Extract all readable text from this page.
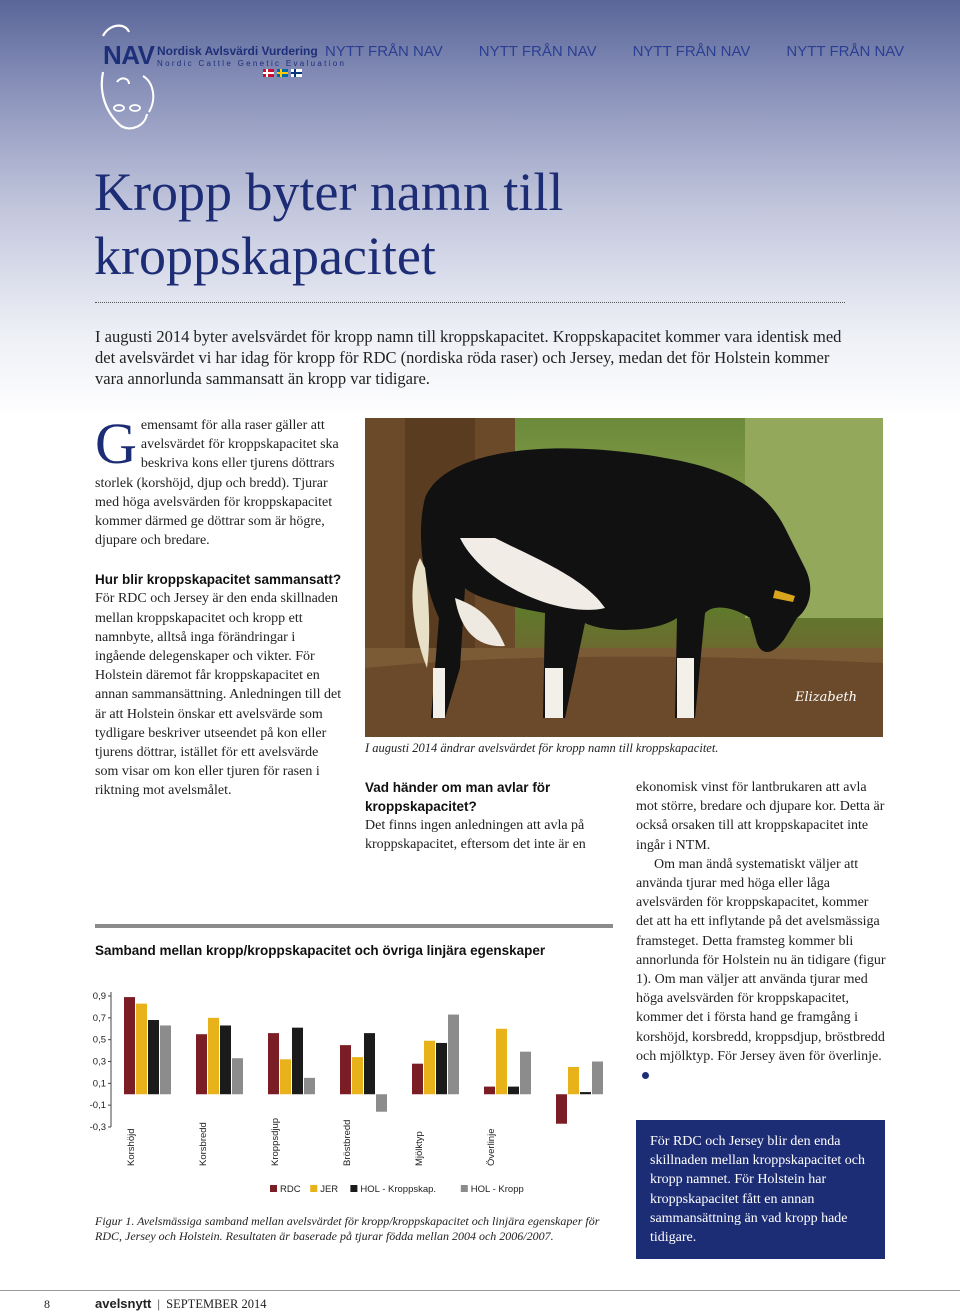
NAV Nordisk Avlsvärdi Vurdering
Nordic Cattle Genetic Evaluation
NYTT FRÅN NAV NYTT FRÅN NAV NYTT FRÅN NAV NYTT FRÅN NAV
Kropp byter namn till
kroppskapacitet

I augusti 2014 byter avelsvärdet för kropp namn till kroppskapacitet. Kroppskapacitet kommer vara identisk med det avelsvärdet vi har idag för kropp för RDC (nordiska röda raser) och Jersey, medan det för Holstein kommer vara annorlunda sammansatt än kropp var tidigare.

Gemensamt för alla raser gäller att avelsvärdet för kroppskapacitet ska beskriva kons eller tjurens döttrars storlek (korshöjd, djup och bredd). Tjurar med höga avelsvärden för kroppskapacitet kommer därmed ge döttrar som är högre, djupare och bredare.

Hur blir kroppskapacitet sammansatt?

För RDC och Jersey är den enda skillnaden mellan kroppskapacitet och kropp ett namnbyte, alltså inga förändringar i ingående delegenskaper och vikter. För Holstein däremot får kroppskapacitet en annan sammansättning. Anledningen till det är att Holstein önskar ett avelsvärde som tydligare beskriver utseendet på kon eller tjurens döttrar, istället för ett avelsvärde som visar om kon eller tjuren för rasen i riktning mot avelsmålet.

Elizabeth

I augusti 2014 ändrar avelsvärdet för kropp namn till kroppskapacitet.

Vad händer om man avlar för kroppskapacitet?

Det finns ingen anledningen att avla på kroppskapacitet, eftersom det inte är en

ekonomisk vinst för lantbrukaren att avla mot större, bredare och djupare kor. Detta är också orsaken till att kroppskapacitet inte ingår i NTM.

Om man ändå systematiskt väljer att använda tjurar med höga eller låga avelsvärden för kroppskapacitet, kommer det att ha ett inflytande på det avelsmässiga framsteget. Detta framsteg kommer bli annorlunda för Holstein nu än tidigare (figur 1). Om man väljer att använda tjurar med höga avelsvärden för kroppskapacitet, kommer det i första hand ge framgång i korshöjd, korsbredd, kroppsdjup, bröstbredd och mjölktyp. För Jersey även för överlinje.

Samband mellan kropp/kroppskapacitet och övriga linjära egenskaper
0,9
0,7
0,5
0,3
0,1
-0,1
-0,3
Korshöjd	Korsbredd	Kroppsdjup	Bröstbredd	Mjölktyp	Överlinje
RDC JER HOL - Kroppskap.	HOL - Kropp

Figur 1. Avelsmässiga samband mellan avelsvärdet för kropp/kroppskapacitet och linjära egenskaper för RDC, Jersey och Holstein. Resultaten är baserade på tjurar födda mellan 2004 och 2006/2007.

För RDC och Jersey blir den enda skillnaden mellan kroppskapacitet och kropp namnet. För Holstein har kroppskapacitet fått en annan sammansättning än vad kropp hade tidigare.

8	avelsnytt | SEPTEMBER 2014
